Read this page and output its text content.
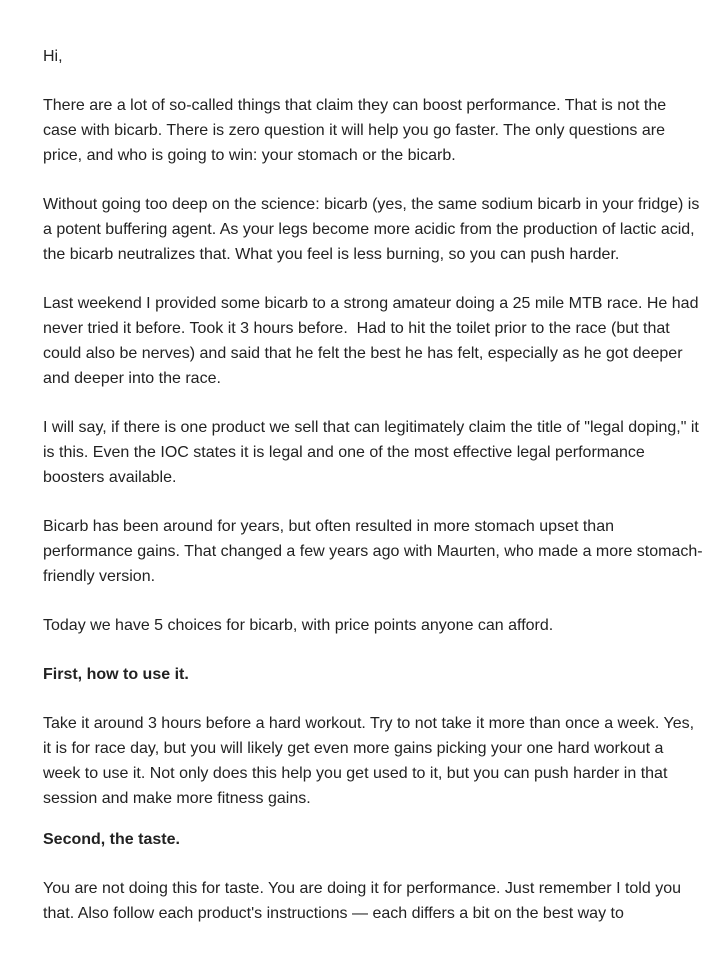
Hi,

There are a lot of so-called things that claim they can boost performance. That is not the case with bicarb. There is zero question it will help you go faster. The only questions are price, and who is going to win: your stomach or the bicarb.

Without going too deep on the science: bicarb (yes, the same sodium bicarb in your fridge) is a potent buffering agent. As your legs become more acidic from the production of lactic acid, the bicarb neutralizes that. What you feel is less burning, so you can push harder.

Last weekend I provided some bicarb to a strong amateur doing a 25 mile MTB race. He had never tried it before. Took it 3 hours before.  Had to hit the toilet prior to the race (but that could also be nerves) and said that he felt the best he has felt, especially as he got deeper and deeper into the race.

I will say, if there is one product we sell that can legitimately claim the title of "legal doping," it is this. Even the IOC states it is legal and one of the most effective legal performance boosters available.

Bicarb has been around for years, but often resulted in more stomach upset than performance gains. That changed a few years ago with Maurten, who made a more stomach-friendly version.

Today we have 5 choices for bicarb, with price points anyone can afford.

First, how to use it.

Take it around 3 hours before a hard workout. Try to not take it more than once a week. Yes, it is for race day, but you will likely get even more gains picking your one hard workout a week to use it. Not only does this help you get used to it, but you can push harder in that session and make more fitness gains.

Second, the taste.

You are not doing this for taste. You are doing it for performance. Just remember I told you that. Also follow each product's instructions — each differs a bit on the best way to
